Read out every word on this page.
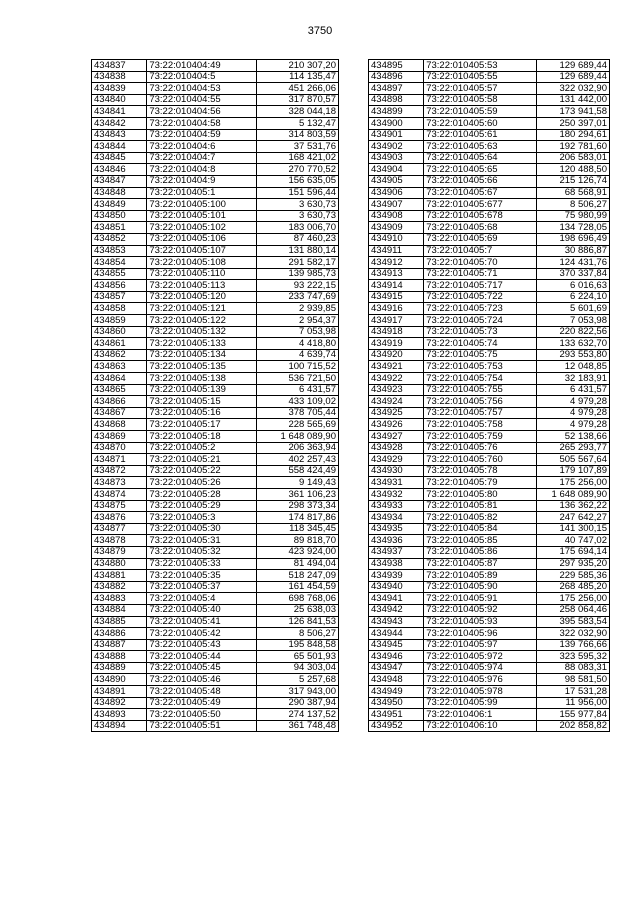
3750
434837	73:22:010404:49	210 307,20
434838	73:22:010404:5	114 135,47
434839	73:22:010404:53	451 266,06
434840	73:22:010404:55	317 870,57
434841	73:22:010404:56	328 044,18
434842	73:22:010404:58	5 132,47
434843	73:22:010404:59	314 803,59
434844	73:22:010404:6	37 531,76
434845	73:22:010404:7	168 421,02
434846	73:22:010404:8	270 770,52
434847	73:22:010404:9	156 635,05
434848	73:22:010405:1	151 596,44
434849	73:22:010405:100	3 630,73
434850	73:22:010405:101	3 630,73
434851	73:22:010405:102	183 006,70
434852	73:22:010405:106	87 460,23
434853	73:22:010405:107	131 880,14
434854	73:22:010405:108	291 582,17
434855	73:22:010405:110	139 985,73
434856	73:22:010405:113	93 222,15
434857	73:22:010405:120	233 747,69
434858	73:22:010405:121	2 939,85
434859	73:22:010405:122	2 954,37
434860	73:22:010405:132	7 053,98
434861	73:22:010405:133	4 418,80
434862	73:22:010405:134	4 639,74
434863	73:22:010405:135	100 715,52
434864	73:22:010405:138	536 721,50
434865	73:22:010405:139	6 431,57
434866	73:22:010405:15	433 109,02
434867	73:22:010405:16	378 705,44
434868	73:22:010405:17	228 565,69
434869	73:22:010405:18	1 648 089,90
434870	73:22:010405:2	206 363,94
434871	73:22:010405:21	402 257,43
434872	73:22:010405:22	558 424,49
434873	73:22:010405:26	9 149,43
434874	73:22:010405:28	361 106,23
434875	73:22:010405:29	298 373,34
434876	73:22:010405:3	174 817,86
434877	73:22:010405:30	118 345,45
434878	73:22:010405:31	89 818,70
434879	73:22:010405:32	423 924,00
434880	73:22:010405:33	81 494,04
434881	73:22:010405:35	518 247,09
434882	73:22:010405:37	161 454,59
434883	73:22:010405:4	698 768,06
434884	73:22:010405:40	25 638,03
434885	73:22:010405:41	126 841,53
434886	73:22:010405:42	8 506,27
434887	73:22:010405:43	195 848,58
434888	73:22:010405:44	65 501,93
434889	73:22:010405:45	94 303,04
434890	73:22:010405:46	5 257,68
434891	73:22:010405:48	317 943,00
434892	73:22:010405:49	290 387,94
434893	73:22:010405:50	274 137,52
434894	73:22:010405:51	361 748,48
434895	73:22:010405:53	129 689,44
434896	73:22:010405:55	129 689,44
434897	73:22:010405:57	322 032,90
434898	73:22:010405:58	131 442,00
434899	73:22:010405:59	173 941,58
434900	73:22:010405:60	250 397,01
434901	73:22:010405:61	180 294,61
434902	73:22:010405:63	192 781,60
434903	73:22:010405:64	206 583,01
434904	73:22:010405:65	120 488,50
434905	73:22:010405:66	215 126,74
434906	73:22:010405:67	68 568,91
434907	73:22:010405:677	8 506,27
434908	73:22:010405:678	75 980,99
434909	73:22:010405:68	134 728,05
434910	73:22:010405:69	198 696,49
434911	73:22:010405:7	30 886,87
434912	73:22:010405:70	124 431,76
434913	73:22:010405:71	370 337,84
434914	73:22:010405:717	6 016,63
434915	73:22:010405:722	6 224,10
434916	73:22:010405:723	5 601,69
434917	73:22:010405:724	7 053,98
434918	73:22:010405:73	220 822,56
434919	73:22:010405:74	133 632,70
434920	73:22:010405:75	293 553,80
434921	73:22:010405:753	12 048,85
434922	73:22:010405:754	32 183,91
434923	73:22:010405:755	6 431,57
434924	73:22:010405:756	4 979,28
434925	73:22:010405:757	4 979,28
434926	73:22:010405:758	4 979,28
434927	73:22:010405:759	52 138,66
434928	73:22:010405:76	265 293,77
434929	73:22:010405:760	505 567,64
434930	73:22:010405:78	179 107,89
434931	73:22:010405:79	175 256,00
434932	73:22:010405:80	1 648 089,90
434933	73:22:010405:81	136 362,22
434934	73:22:010405:82	247 642,27
434935	73:22:010405:84	141 300,15
434936	73:22:010405:85	40 747,02
434937	73:22:010405:86	175 694,14
434938	73:22:010405:87	297 935,20
434939	73:22:010405:89	229 585,36
434940	73:22:010405:90	268 485,20
434941	73:22:010405:91	175 256,00
434942	73:22:010405:92	258 064,46
434943	73:22:010405:93	395 583,54
434944	73:22:010405:96	322 032,90
434945	73:22:010405:97	139 766,66
434946	73:22:010405:972	323 595,32
434947	73:22:010405:974	88 083,31
434948	73:22:010405:976	98 581,50
434949	73:22:010405:978	17 531,28
434950	73:22:010405:99	11 956,00
434951	73:22:010406:1	155 977,84
434952	73:22:010406:10	202 858,82
